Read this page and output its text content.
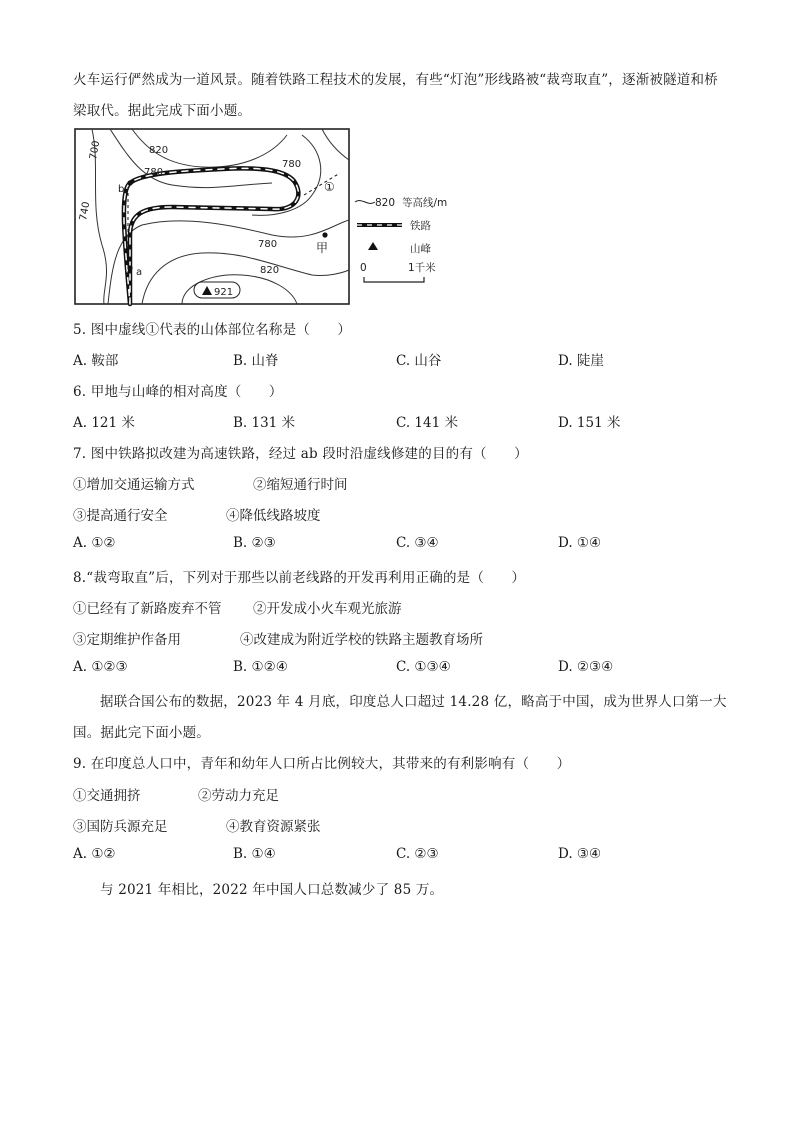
火车运行俨然成为一道风景。随着铁路工程技术的发展，有些“灯泡”形线路被“裁弯取直”，逐渐被隧道和桥
梁取代。据此完成下面小题。
b
a
甲
①
700	820
780
780
740
780
820
921
820 等高线/m
铁路
山峰
0	1千米
5. 图中虚线①代表的山体部位名称是（　　）
A. 鞍部	B. 山脊	C. 山谷	D. 陡崖
6. 甲地与山峰的相对高度（　　）
A. 121 米	B. 131 米	C. 141 米	D. 151 米
7. 图中铁路拟改建为高速铁路，经过 ab 段时沿虚线修建的目的有（　　）
①增加交通运输方式	②缩短通行时间
③提高通行安全	④降低线路坡度
A. ①②	B. ②③	C. ③④	D. ①④
8.“裁弯取直”后，下列对于那些以前老线路的开发再利用正确的是（　　）
①已经有了新路废弃不管 ②开发成小火车观光旅游
③定期维护作备用	④改建成为附近学校的铁路主题教育场所
A. ①②③	B. ①②④	C. ①③④	D. ②③④
据联合国公布的数据，2023 年 4 月底，印度总人口超过 14.28 亿，略高于中国，成为世界人口第一大
国。据此完下面小题。
9. 在印度总人口中，青年和幼年人口所占比例较大，其带来的有利影响有（　　）
①交通拥挤	②劳动力充足
③国防兵源充足	④教育资源紧张
A. ①②	B. ①④	C. ②③	D. ③④
与 2021 年相比，2022 年中国人口总数减少了 85 万。
